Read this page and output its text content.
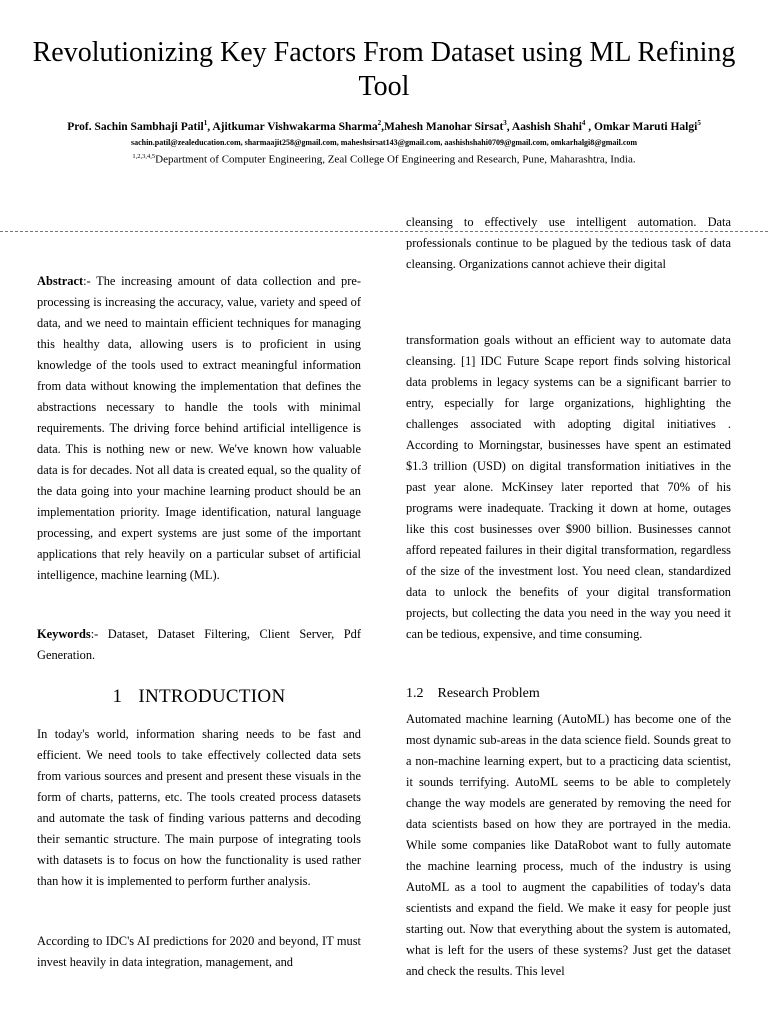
Revolutionizing Key Factors From Dataset using ML Refining Tool
Prof. Sachin Sambhaji Patil$^1$, Ajitkumar Vishwakarma Sharma$^2$,Mahesh Manohar Sirsat$^3$, Aashish Shahi$^4$ , Omkar Maruti Halgi$^5$
sachin.patil@zealeducation.com, sharmaajit258@gmail.com, maheshsirsat143@gmail.com, aashishshahi0709@gmail.com, omkarhalgi8@gmail.com
$^{1,2,3,4,5}$Department of Computer Engineering, Zeal College Of Engineering and Research, Pune, Maharashtra, India.

Abstract:- The increasing amount of data collection and pre-processing is increasing the accuracy, value, variety and speed of data, and we need to maintain efficient techniques for managing this healthy data, allowing users is to proficient in using knowledge of the tools used to extract meaningful information from data without knowing the implementation that defines the abstractions necessary to handle the tools with minimal requirements. The driving force behind artificial intelligence is data. This is nothing new or new. We've known how valuable data is for decades. Not all data is created equal, so the quality of the data going into your machine learning product should be an implementation priority. Image identification, natural language processing, and expert systems are just some of the important applications that rely heavily on a particular subset of artificial intelligence, machine learning (ML).

Keywords:- Dataset, Dataset Filtering, Client Server, Pdf Generation.

1 INTRODUCTION
In today's world, information sharing needs to be fast and efficient. We need tools to take effectively collected data sets from various sources and present and present these visuals in the form of charts, patterns, etc. The tools created process datasets and automate the task of finding various patterns and decoding their semantic structure. The main purpose of integrating tools with datasets is to focus on how the functionality is used rather than how it is implemented to perform further analysis.
According to IDC's AI predictions for 2020 and beyond, IT must invest heavily in data integration, management, and
cleansing to effectively use intelligent automation. Data professionals continue to be plagued by the tedious task of data cleansing. Organizations cannot achieve their digital
transformation goals without an efficient way to automate data cleansing. [1] IDC Future Scape report finds solving historical data problems in legacy systems can be a significant barrier to entry, especially for large organizations, highlighting the challenges associated with adopting digital initiatives . According to Morningstar, businesses have spent an estimated $1.3 trillion (USD) on digital transformation initiatives in the past year alone. McKinsey later reported that 70% of his programs were inadequate. Tracking it down at home, outages like this cost businesses over $900 billion. Businesses cannot afford repeated failures in their digital transformation, regardless of the size of the investment lost. You need clean, standardized data to unlock the benefits of your digital transformation projects, but collecting the data you need in the way you need it can be tedious, expensive, and time consuming.
1.2 Research Problem
Automated machine learning (AutoML) has become one of the most dynamic sub-areas in the data science field. Sounds great to a non-machine learning expert, but to a practicing data scientist, it sounds terrifying. AutoML seems to be able to completely change the way models are generated by removing the need for data scientists based on how they are portrayed in the media. While some companies like DataRobot want to fully automate the machine learning process, much of the industry is using AutoML as a tool to augment the capabilities of today's data scientists and expand the field. We make it easy for people just starting out. Now that everything about the system is automated, what is left for the users of these systems? Just get the dataset and check the results. This level
